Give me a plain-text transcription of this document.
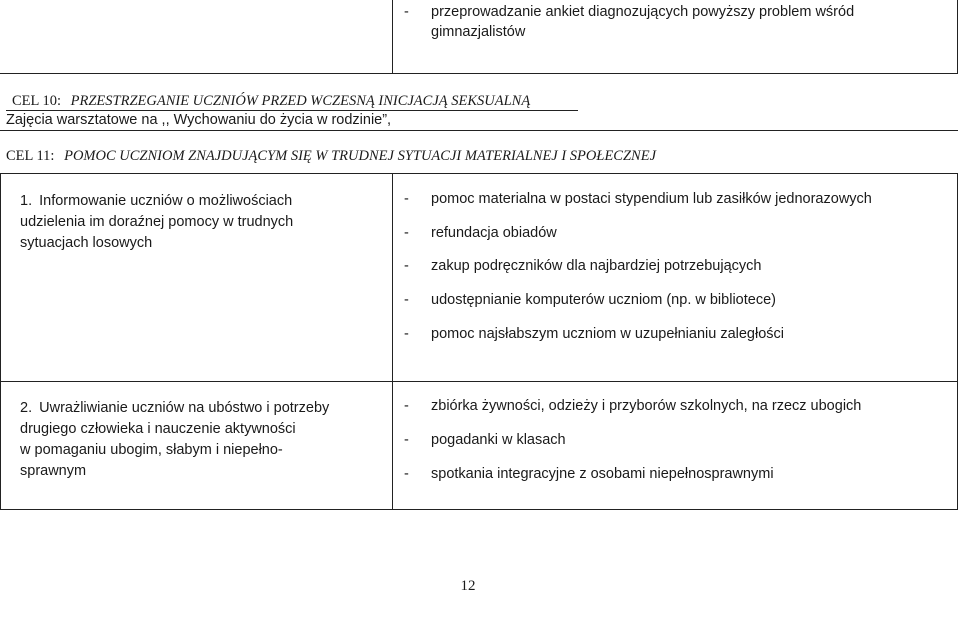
- przeprowadzanie ankiet diagnozujących powyższy problem wśród
gimnazjalistów
CEL 10: PRZESTRZEGANIE UCZNIÓW PRZED WCZESNĄ INICJACJĄ SEKSUALNĄ
Zajęcia warsztatowe na ,, Wychowaniu do życia w rodzinie”,
CEL 11: POMOC UCZNIOM ZNAJDUJĄCYM SIĘ W TRUDNEJ SYTUACJI MATERIALNEJ I SPOŁECZNEJ
1. Informowanie uczniów o możliwościach
udzielenia im doraźnej pomocy w trudnych
sytuacjach losowych
- pomoc materialna w postaci stypendium lub zasiłków jednorazowych
- refundacja obiadów
- zakup podręczników dla najbardziej potrzebujących
- udostępnianie komputerów uczniom (np. w bibliotece)
- pomoc najsłabszym uczniom w uzupełnianiu zaległości
2. Uwrażliwianie uczniów na ubóstwo i potrzeby
drugiego człowieka i nauczenie aktywności
w pomaganiu ubogim, słabym i niepełno-
sprawnym
- zbiórka żywności, odzieży i przyborów szkolnych, na rzecz ubogich
- pogadanki w klasach
- spotkania integracyjne z osobami niepełnosprawnymi
12
